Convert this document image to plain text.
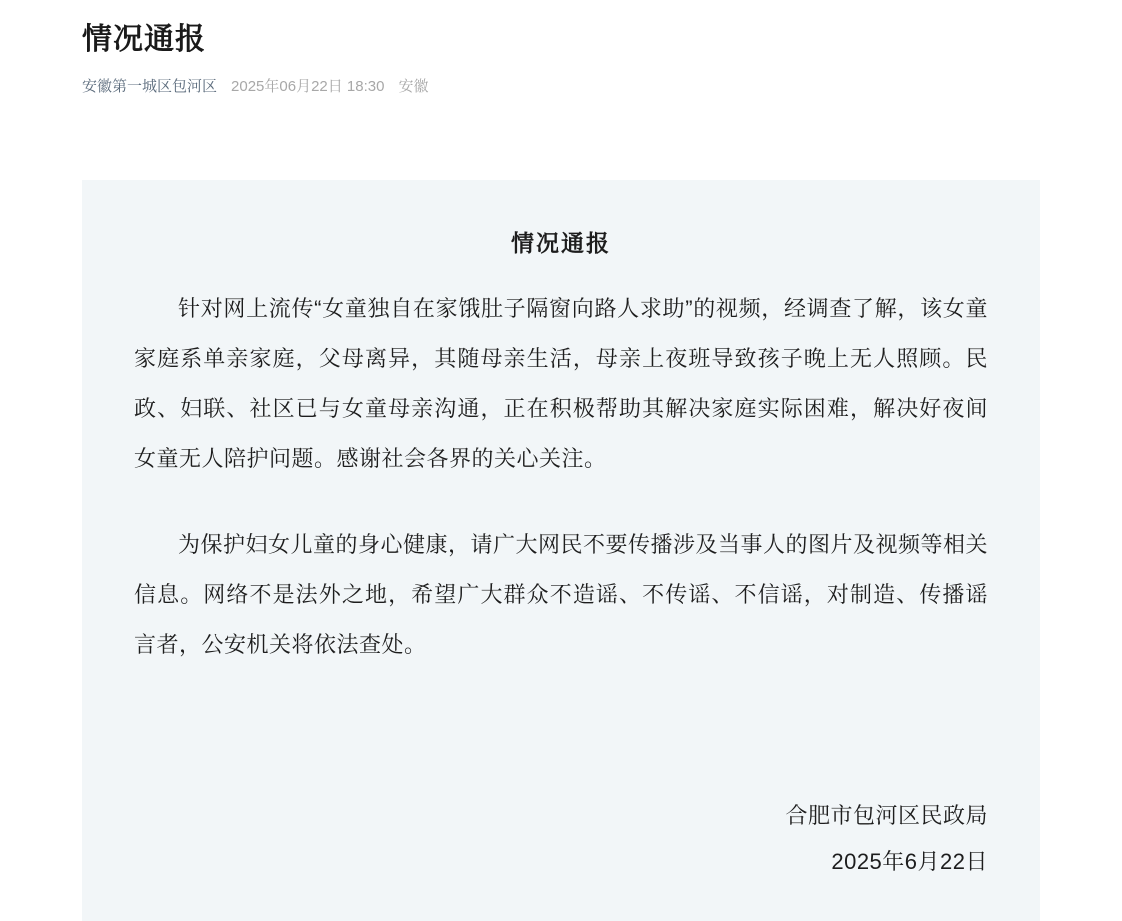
情况通报
安徽第一城区包河区 2025年06月22日 18:30 安徽
情况通报

针对网上流传“女童独自在家饿肚子隔窗向路人求助”的视频，经调查了解，该女童家庭系单亲家庭，父母离异，其随母亲生活，母亲上夜班导致孩子晚上无人照顾。民政、妇联、社区已与女童母亲沟通，正在积极帮助其解决家庭实际困难，解决好夜间女童无人陪护问题。感谢社会各界的关心关注。

为保护妇女儿童的身心健康，请广大网民不要传播涉及当事人的图片及视频等相关信息。网络不是法外之地，希望广大群众不造谣、不传谣、不信谣，对制造、传播谣言者，公安机关将依法查处。

合肥市包河区民政局
2025年6月22日
